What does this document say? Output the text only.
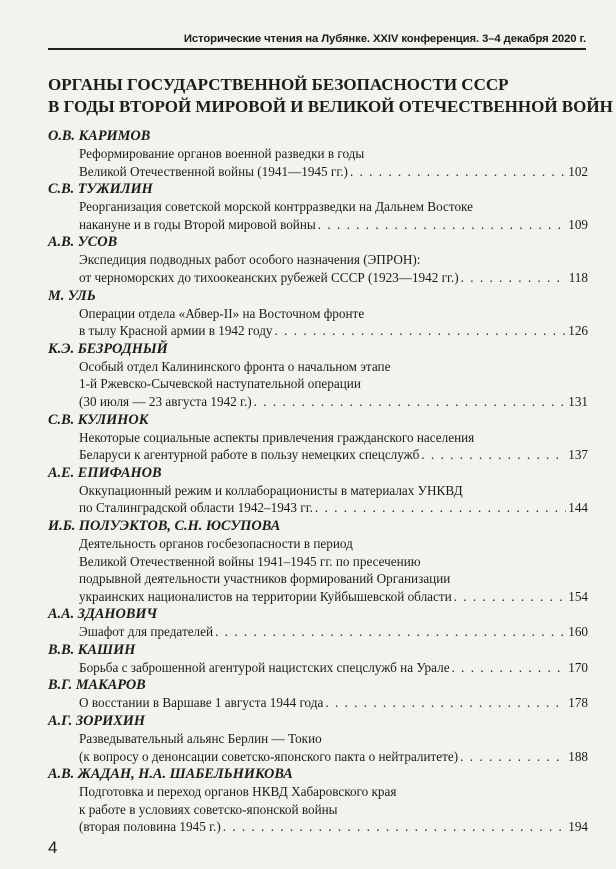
Исторические чтения на Лубянке. XXIV конференция. 3–4 декабря 2020 г.
ОРГАНЫ ГОСУДАРСТВЕННОЙ БЕЗОПАСНОСТИ СССР
В ГОДЫ ВТОРОЙ МИРОВОЙ И ВЕЛИКОЙ ОТЕЧЕСТВЕННОЙ ВОЙН
О.В. КАРИМОВ
Реформирование органов военной разведки в годы
Великой Отечественной войны (1941—1945 гг.) . . .	102
С.В. ТУЖИЛИН
Реорганизация советской морской контрразведки на Дальнем Востоке
накануне и в годы Второй мировой войны . . .	109
А.В. УСОВ
Экспедиция подводных работ особого назначения (ЭПРОН):
от черноморских до тихоокеанских рубежей СССР (1923—1942 гг.) . . .	118
М. УЛЬ
Операции отдела «Абвер-II» на Восточном фронте
в тылу Красной армии в 1942 году . . .	126
К.Э. БЕЗРОДНЫЙ
Особый отдел Калининского фронта о начальном этапе
1-й Ржевско-Сычевской наступательной операции
(30 июля — 23 августа 1942 г.) . . .	131
С.В. КУЛИНОК
Некоторые социальные аспекты привлечения гражданского населения
Беларуси к агентурной работе в пользу немецких спецслужб . . .	137
А.Е. ЕПИФАНОВ
Оккупационный режим и коллаборационисты в материалах УНКВД
по Сталинградской области 1942–1943 гг. . . .	144
И.Б. ПОЛУЭКТОВ, С.Н. ЮСУПОВА
Деятельность органов госбезопасности в период
Великой Отечественной войны 1941–1945 гг. по пресечению
подрывной деятельности участников формирований Организации
украинских националистов на территории Куйбышевской области . . .	154
А.А. ЗДАНОВИЧ
Эшафот для предателей . . .	160
В.В. КАШИН
Борьба с заброшенной агентурой нацистских спецслужб на Урале . . .	170
В.Г. МАКАРОВ
О восстании в Варшаве 1 августа 1944 года . . .	178
А.Г. ЗОРИХИН
Разведывательный альянс Берлин — Токио
(к вопросу о денонсации советско-японского пакта о нейтралитете) . . .	188
А.В. ЖАДАН, Н.А. ШАБЕЛЬНИКОВА
Подготовка и переход органов НКВД Хабаровского края
к работе в условиях советско-японской войны
(вторая половина 1945 г.) . . .	194
4
